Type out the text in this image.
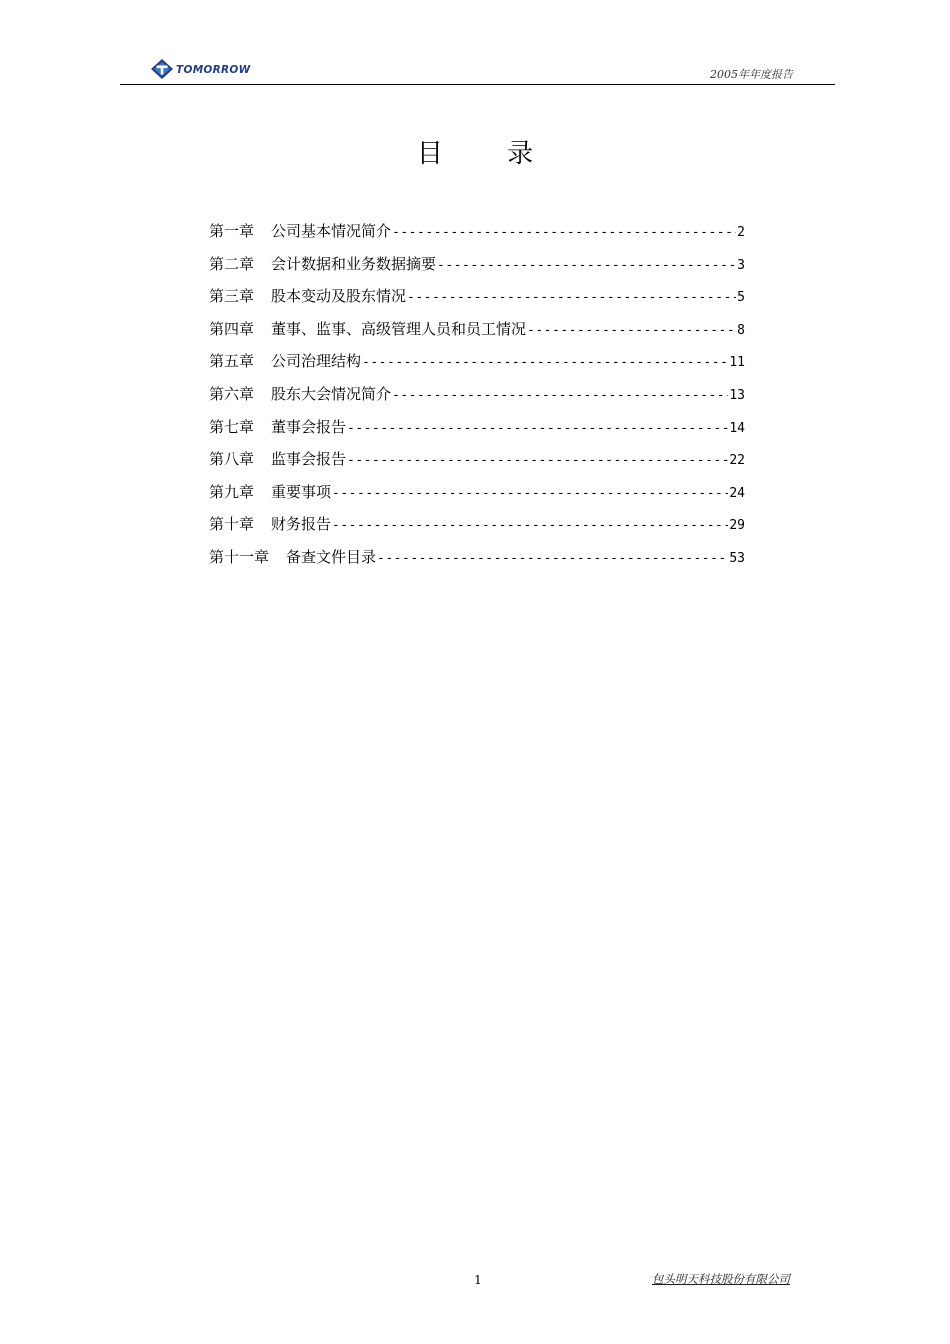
TOMORROW	2005年年度报告
目 录
第一章 公司基本情况简介 -----	2
第二章 会计数据和业务数据摘要 -----	3
第三章 股本变动及股东情况 -----	5
第四章 董事、监事、高级管理人员和员工情况 -----	8
第五章 公司治理结构 -----	11
第六章 股东大会情况简介 -----	13
第七章 董事会报告 -----	14
第八章 监事会报告 -----	22
第九章 重要事项 -----	24
第十章 财务报告 -----	29
第十一章 备查文件目录 -----	53
1	包头明天科技股份有限公司
